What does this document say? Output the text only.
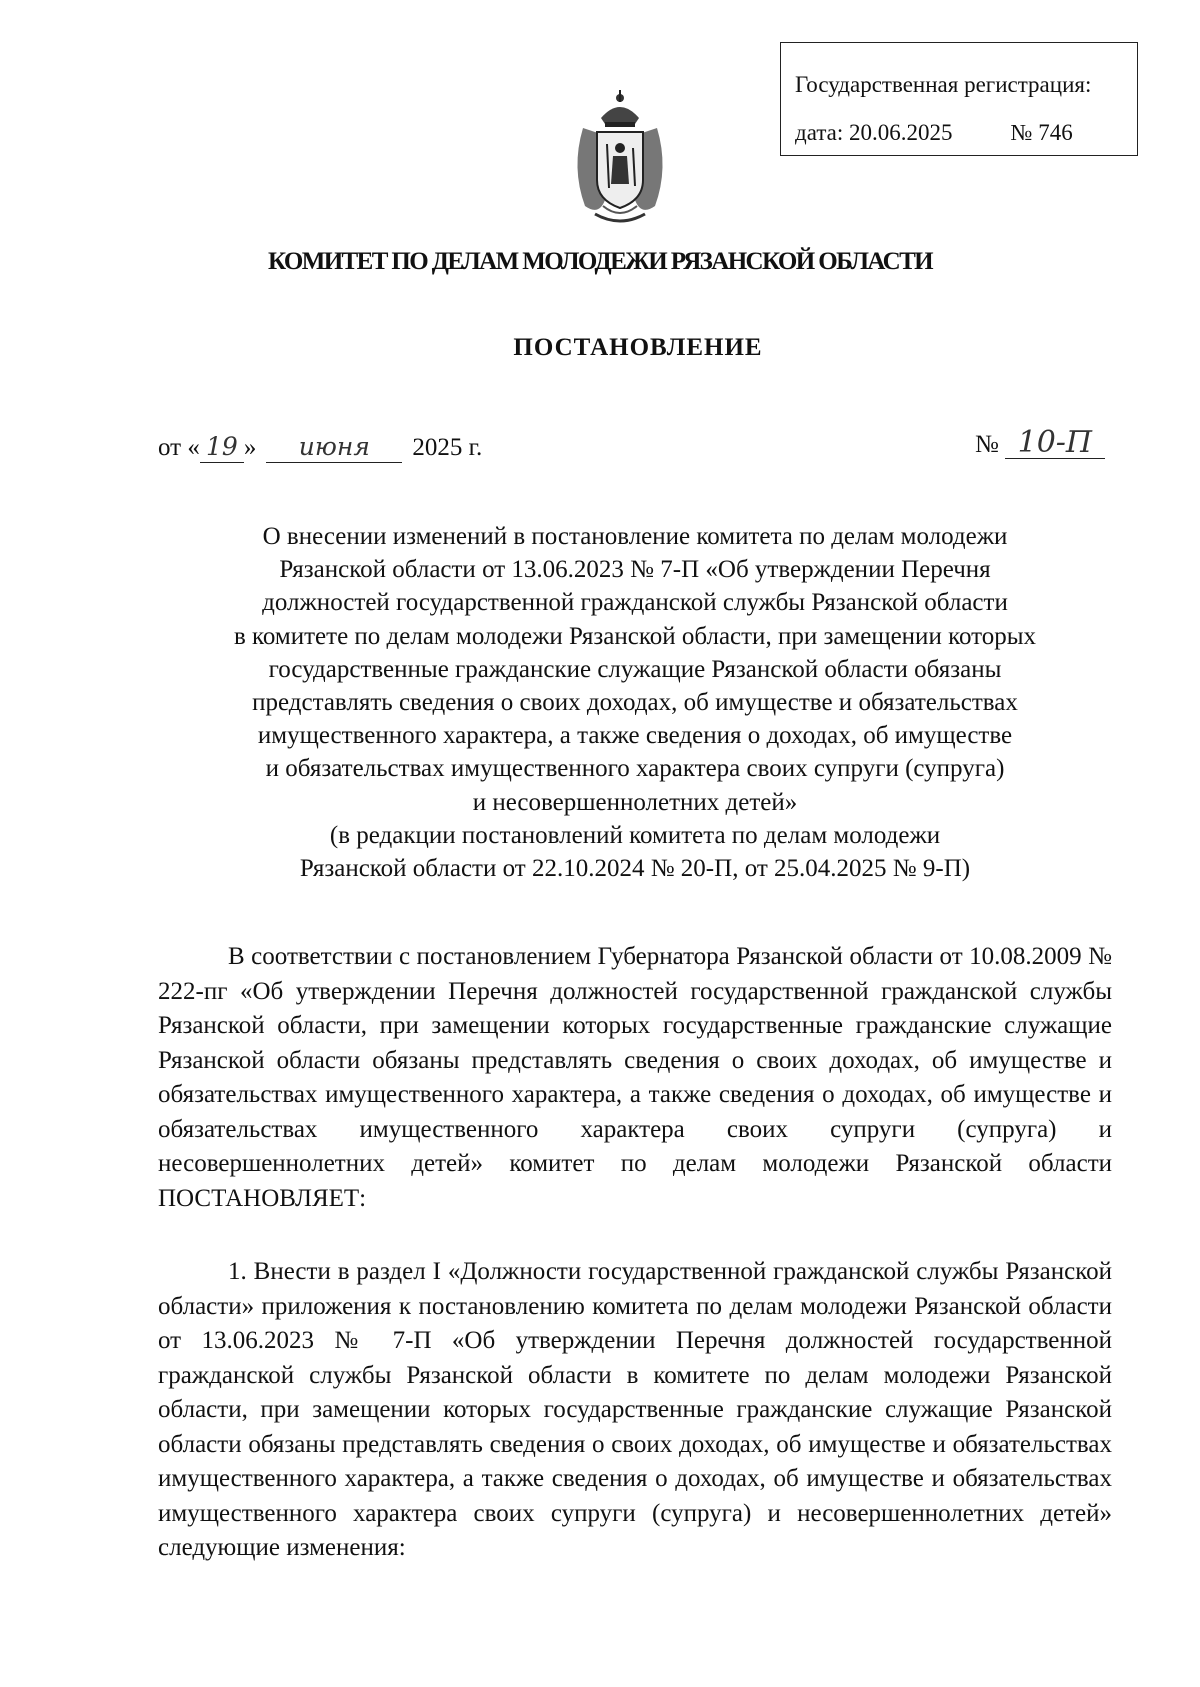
Государственная регистрация:
дата: 20.06.2025	№ 746
КОМИТЕТ ПО ДЕЛАМ МОЛОДЕЖИ РЯЗАНСКОЙ ОБЛАСТИ
ПОСТАНОВЛЕНИЕ
от « 19 » июня 2025 г.	№ 10-П
О внесении изменений в постановление комитета по делам молодежи
Рязанской области от 13.06.2023 № 7-П «Об утверждении Перечня
должностей государственной гражданской службы Рязанской области
в комитете по делам молодежи Рязанской области, при замещении которых
государственные гражданские служащие Рязанской области обязаны
представлять сведения о своих доходах, об имуществе и обязательствах
имущественного характера, а также сведения о доходах, об имуществе
и обязательствах имущественного характера своих супруги (супруга)
и несовершеннолетних детей»
(в редакции постановлений комитета по делам молодежи
Рязанской области от 22.10.2024 № 20-П, от 25.04.2025 № 9-П)
В соответствии с постановлением Губернатора Рязанской области от 10.08.2009 № 222-пг «Об утверждении Перечня должностей государственной гражданской службы Рязанской области, при замещении которых государственные гражданские служащие Рязанской области обязаны представлять сведения о своих доходах, об имуществе и обязательствах имущественного характера, а также сведения о доходах, об имуществе и обязательствах имущественного характера своих супруги (супруга) и несовершеннолетних детей» комитет по делам молодежи Рязанской области ПОСТАНОВЛЯЕТ:
1. Внести в раздел I «Должности государственной гражданской службы Рязанской области» приложения к постановлению комитета по делам молодежи Рязанской области от 13.06.2023 № 7-П «Об утверждении Перечня должностей государственной гражданской службы Рязанской области в комитете по делам молодежи Рязанской области, при замещении которых государственные гражданские служащие Рязанской области обязаны представлять сведения о своих доходах, об имуществе и обязательствах имущественного характера, а также сведения о доходах, об имуществе и обязательствах имущественного характера своих супруги (супруга) и несовершеннолетних детей» следующие изменения:
